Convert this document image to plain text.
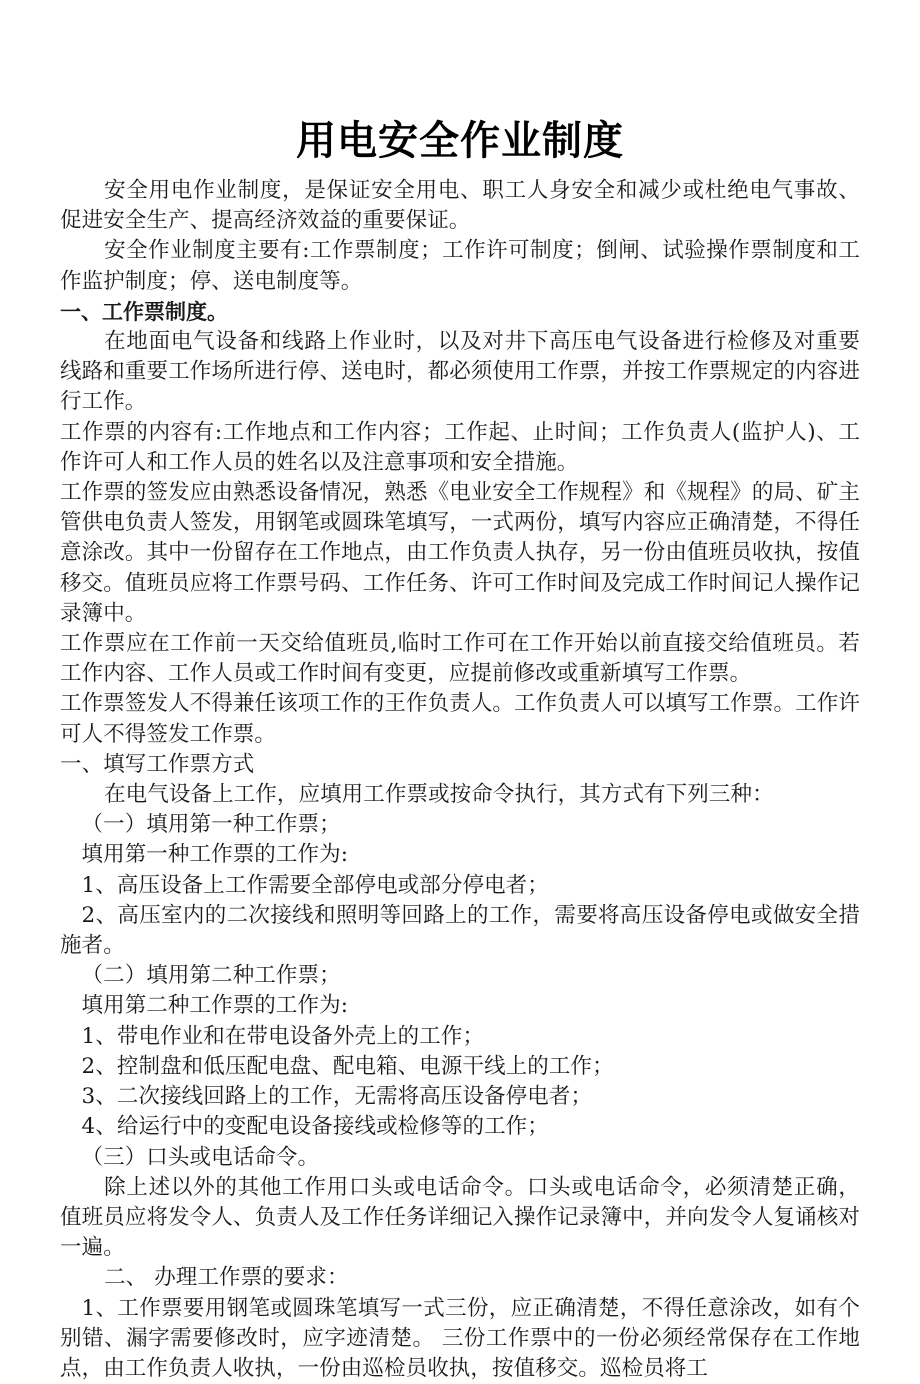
用电安全作业制度

安全用电作业制度，是保证安全用电、职工人身安全和减少或杜绝电气事故、促进安全生产、提高经济效益的重要保证。

安全作业制度主要有:工作票制度；工作许可制度；倒闸、试验操作票制度和工作监护制度；停、送电制度等。

一、工作票制度。

在地面电气设备和线路上作业时，以及对井下高压电气设备进行检修及对重要线路和重要工作场所进行停、送电时，都必须使用工作票，并按工作票规定的内容进行工作。

工作票的内容有:工作地点和工作内容；工作起、止时间；工作负责人(监护人)、工作许可人和工作人员的姓名以及注意事项和安全措施。

工作票的签发应由熟悉设备情况，熟悉《电业安全工作规程》和《规程》的局、矿主管供电负责人签发，用钢笔或圆珠笔填写，一式两份，填写内容应正确清楚，不得任意涂改。其中一份留存在工作地点，由工作负责人执存，另一份由值班员收执，按值移交。值班员应将工作票号码、工作任务、许可工作时间及完成工作时间记人操作记录簿中。

工作票应在工作前一天交给值班员,临时工作可在工作开始以前直接交给值班员。若工作内容、工作人员或工作时间有变更，应提前修改或重新填写工作票。

工作票签发人不得兼任该项工作的王作负责人。工作负责人可以填写工作票。工作许可人不得签发工作票。

一、填写工作票方式

在电气设备上工作，应填用工作票或按命令执行，其方式有下列三种：

（一）填用第一种工作票；

填用第一种工作票的工作为:

1、高压设备上工作需要全部停电或部分停电者；

2、高压室内的二次接线和照明等回路上的工作，需要将高压设备停电或做安全措施者。

（二）填用第二种工作票；

填用第二种工作票的工作为:

1、带电作业和在带电设备外壳上的工作；

2、控制盘和低压配电盘、配电箱、电源干线上的工作；

3、二次接线回路上的工作，无需将高压设备停电者；

4、给运行中的变配电设备接线或检修等的工作；

（三）口头或电话命令。

除上述以外的其他工作用口头或电话命令。口头或电话命令，必须清楚正确，值班员应将发令人、负责人及工作任务详细记入操作记录簿中，并向发令人复诵核对一遍。

二、 办理工作票的要求：

1、工作票要用钢笔或圆珠笔填写一式三份，应正确清楚，不得任意涂改，如有个别错、漏字需要修改时，应字迹清楚。 三份工作票中的一份必须经常保存在工作地点，由工作负责人收执，一份由巡检员收执，按值移交。巡检员将工
